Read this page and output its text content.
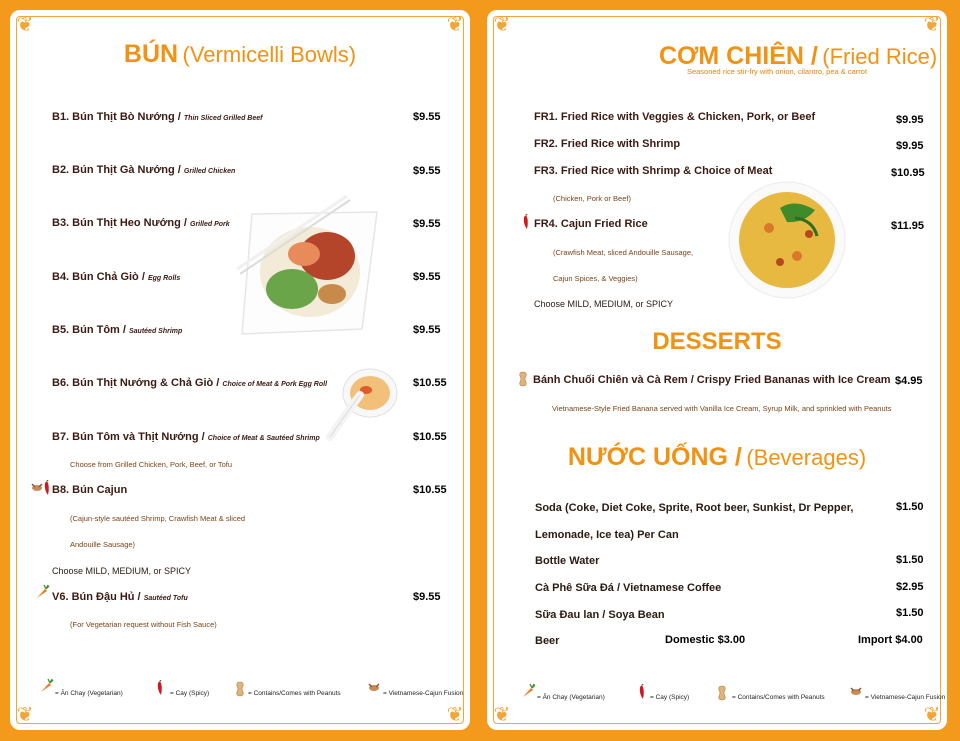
❦	❦
❦	❦
BÚN (Vermicelli Bowls)
B1. Bún Thịt Bò Nướng / Thin Sliced Grilled Beef	$9.55
B2. Bún Thịt Gà Nướng / Grilled Chicken	$9.55
B3. Bún Thịt Heo Nướng / Grilled Pork	$9.55
B4. Bún Chả Giò / Egg Rolls	$9.55
B5. Bún Tôm / Sautéed Shrimp	$9.55
B6. Bún Thịt Nướng & Chả Giò / Choice of Meat & Pork Egg Roll	$10.55
B7. Bún Tôm và Thịt Nướng / Choice of Meat & Sautéed Shrimp	$10.55
Choose from Grilled Chicken, Pork, Beef, or Tofu
B8. Bún Cajun	$10.55
(Cajun-style sautéed Shrimp, Crawfish Meat & sliced
Andouille Sausage)
Choose MILD, MEDIUM, or SPICY
V6. Bún Đậu Hủ / Sautéed Tofu	$9.55
(For Vegetarian request without Fish Sauce)
= Ăn Chay (Vegetarian)	= Cay (Spicy)	= Contains/Comes with Peanuts	= Vietnamese-Cajun Fusion
❦	❦
❦	❦
CƠM CHIÊN / (Fried Rice)
Seasoned rice stir-fry with onion, cilantro, pea & carrot
FR1. Fried Rice with Veggies & Chicken, Pork, or Beef	$9.95
FR2. Fried Rice with Shrimp	$9.95
FR3. Fried Rice with Shrimp & Choice of Meat	$10.95
(Chicken, Pork or Beef)
FR4. Cajun Fried Rice	$11.95
(Crawfish Meat, sliced Andouille Sausage,
Cajun Spices, & Veggies)
Choose MILD, MEDIUM, or SPICY
DESSERTS
Bánh Chuối Chiên và Cà Rem / Crispy Fried Bananas with Ice Cream $4.95
Vietnamese-Style Fried Banana served with Vanilla Ice Cream, Syrup Milk, and sprinkled with Peanuts
NƯỚC UỐNG / (Beverages)
Soda (Coke, Diet Coke, Sprite, Root beer, Sunkist, Dr Pepper,	$1.50
Lemonade, Ice tea) Per Can
Bottle Water	$1.50
Cà Phê Sữa Đá / Vietnamese Coffee	$2.95
Sữa Đau lan / Soya Bean	$1.50
Beer	Domestic $3.00	Import $4.00
= Ăn Chay (Vegetarian)	= Cay (Spicy)	= Contains/Comes with Peanuts	= Vietnamese-Cajun Fusion
